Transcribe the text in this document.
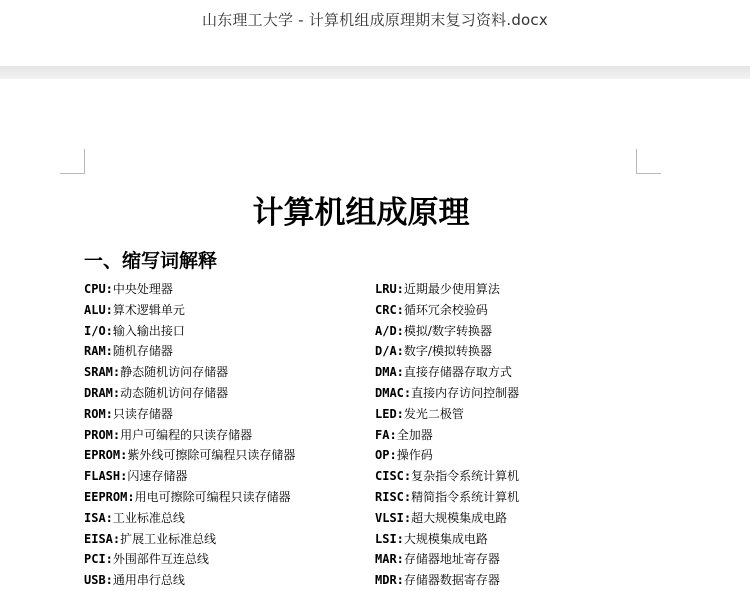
山东理工大学 - 计算机组成原理期末复习资料.docx
计算机组成原理
一、缩写词解释
CPU:中央处理器
ALU:算术逻辑单元
I/O:输入输出接口
RAM:随机存储器
SRAM:静态随机访问存储器
DRAM:动态随机访问存储器
ROM:只读存储器
PROM:用户可编程的只读存储器
EPROM:紫外线可擦除可编程只读存储器
FLASH:闪速存储器
EEPROM:用电可擦除可编程只读存储器
ISA:工业标准总线
EISA:扩展工业标准总线
PCI:外围部件互连总线
USB:通用串行总线
LRU:近期最少使用算法
CRC:循环冗余校验码
A/D:模拟/数字转换器
D/A:数字/模拟转换器
DMA:直接存储器存取方式
DMAC:直接内存访问控制器
LED:发光二极管
FA:全加器
OP:操作码
CISC:复杂指令系统计算机
RISC:精简指令系统计算机
VLSI:超大规模集成电路
LSI:大规模集成电路
MAR:存储器地址寄存器
MDR:存储器数据寄存器
